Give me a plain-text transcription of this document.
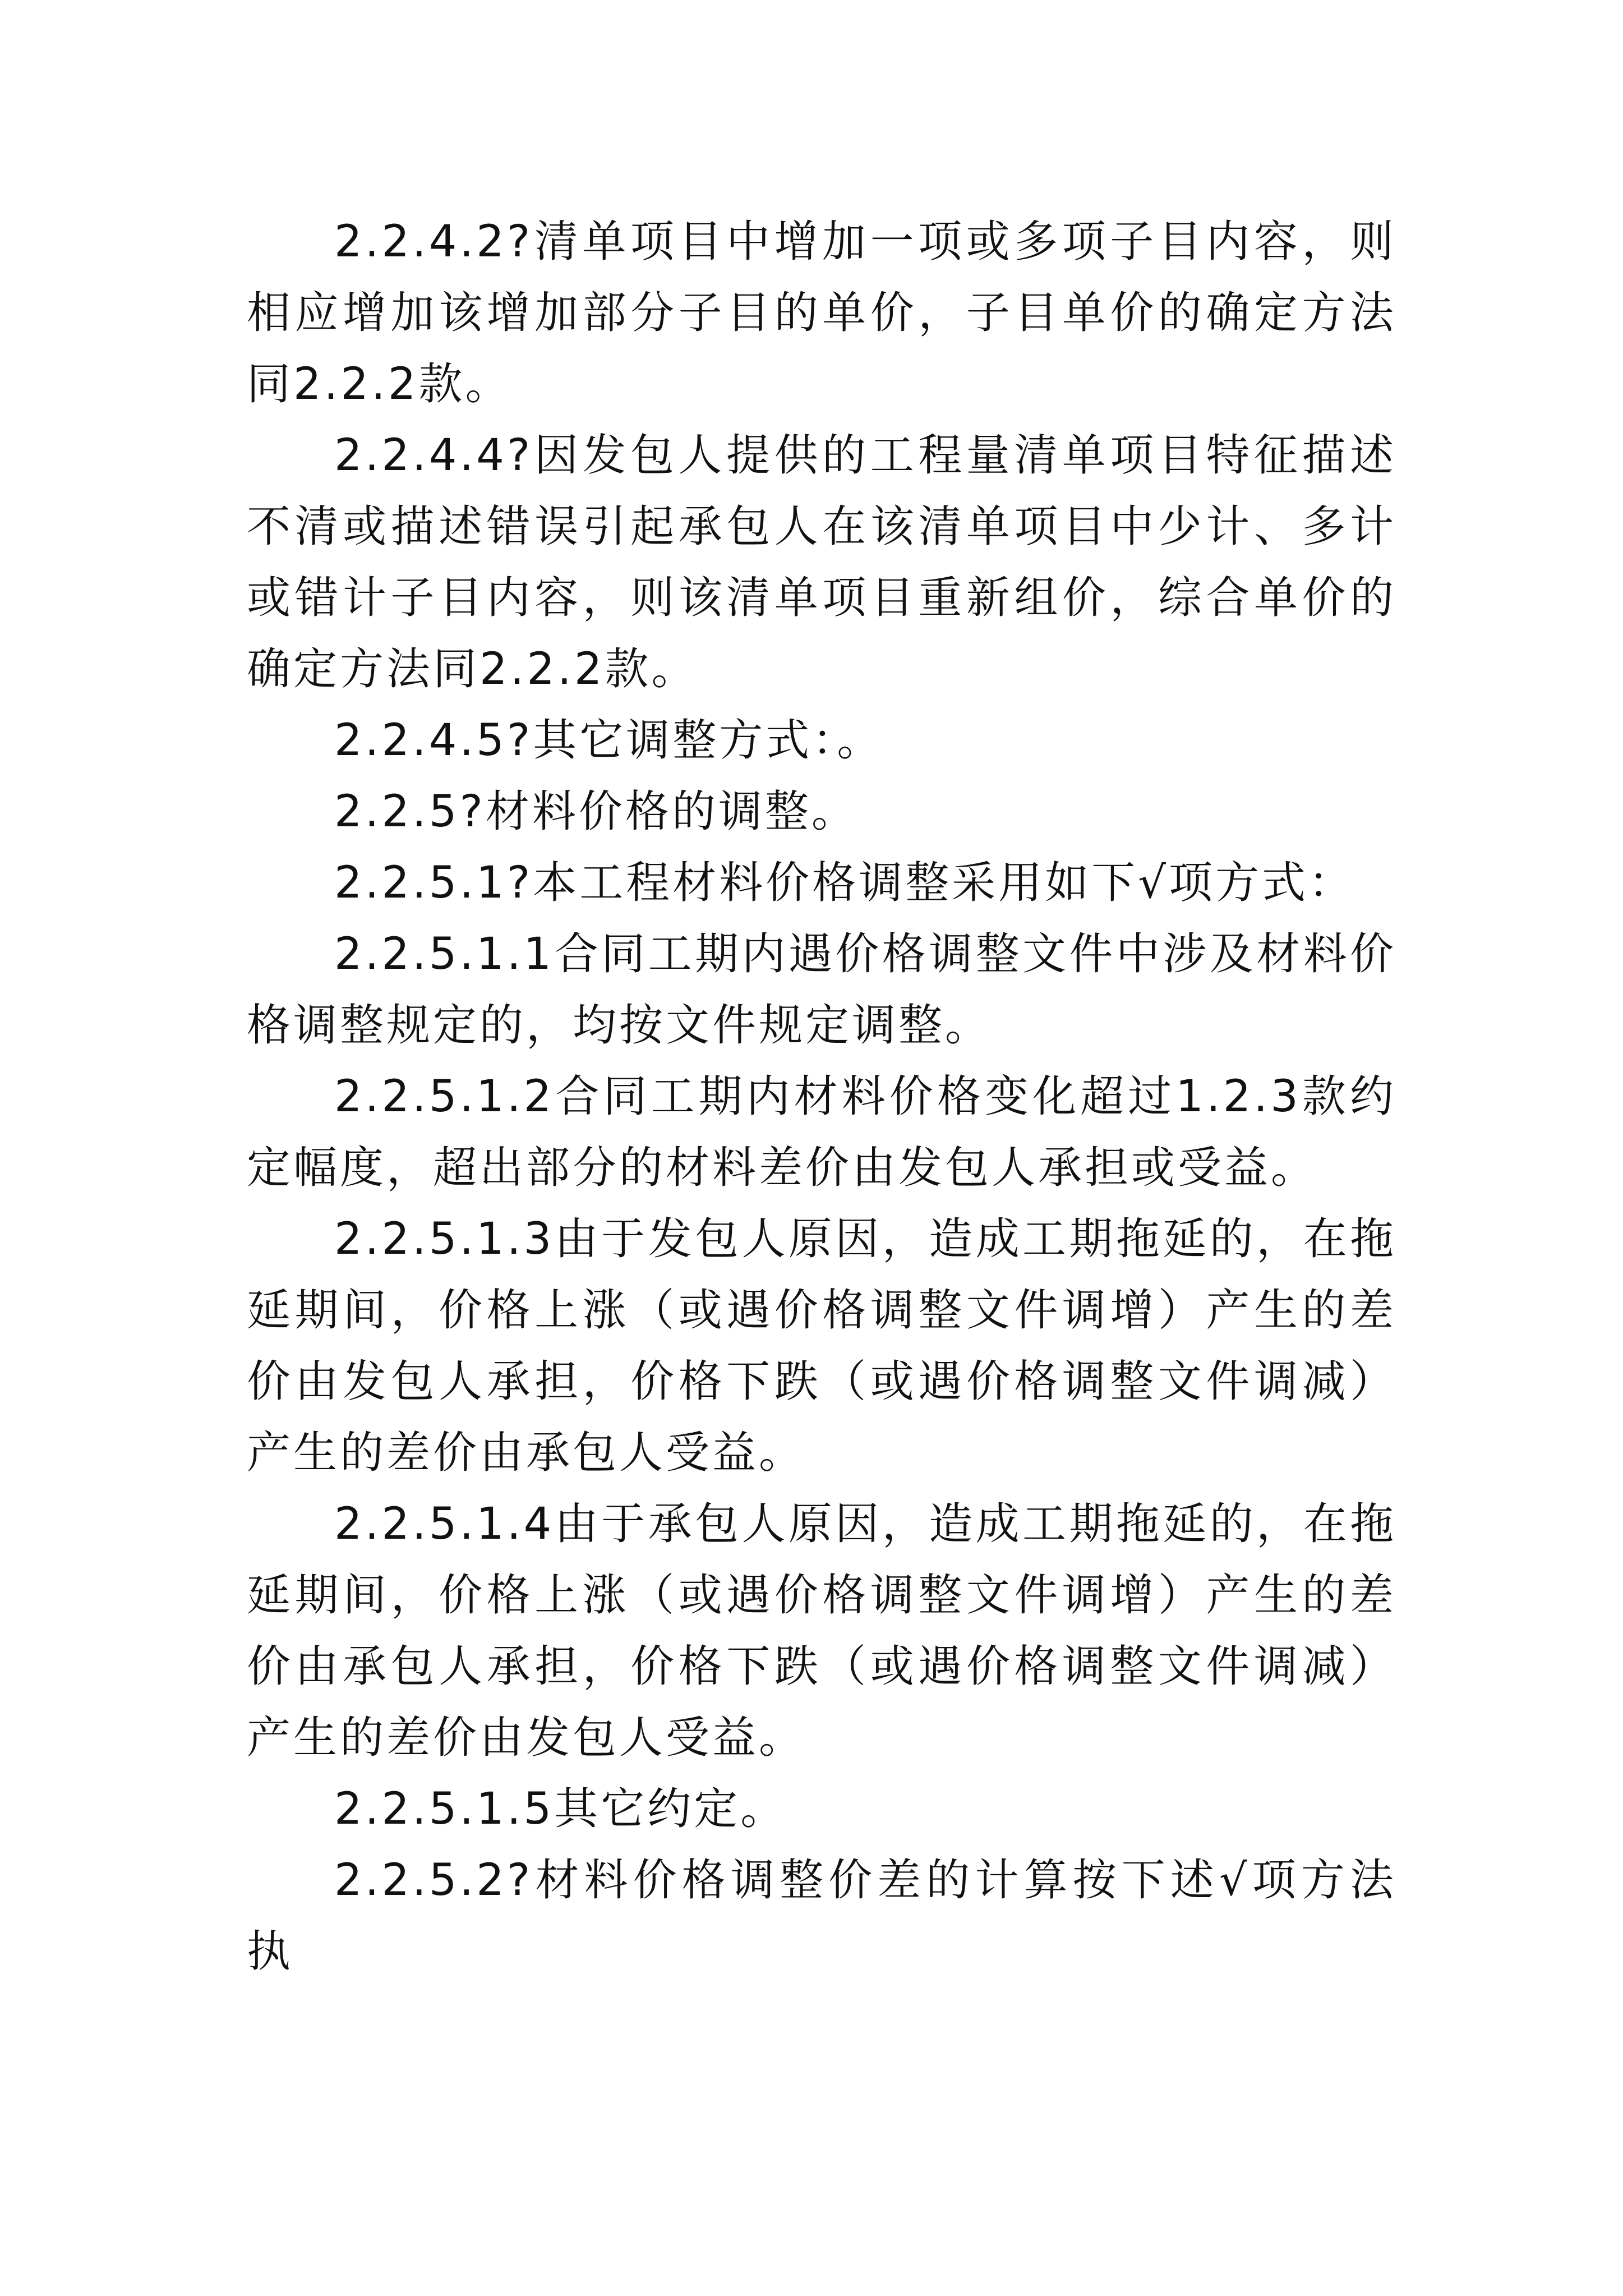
2.2.4.2?清单项目中增加一项或多项子目内容，则相应增加该增加部分子目的单价，子目单价的确定方法同2.2.2款。

2.2.4.4?因发包人提供的工程量清单项目特征描述不清或描述错误引起承包人在该清单项目中少计、多计或错计子目内容，则该清单项目重新组价，综合单价的确定方法同2.2.2款。

2.2.4.5?其它调整方式：。

2.2.5?材料价格的调整。

2.2.5.1?本工程材料价格调整采用如下√项方式：

2.2.5.1.1合同工期内遇价格调整文件中涉及材料价格调整规定的，均按文件规定调整。

2.2.5.1.2合同工期内材料价格变化超过1.2.3款约定幅度，超出部分的材料差价由发包人承担或受益。

2.2.5.1.3由于发包人原因，造成工期拖延的，在拖延期间，价格上涨（或遇价格调整文件调增）产生的差价由发包人承担，价格下跌（或遇价格调整文件调减）产生的差价由承包人受益。

2.2.5.1.4由于承包人原因，造成工期拖延的，在拖延期间，价格上涨（或遇价格调整文件调增）产生的差价由承包人承担，价格下跌（或遇价格调整文件调减）产生的差价由发包人受益。

2.2.5.1.5其它约定。

2.2.5.2?材料价格调整价差的计算按下述√项方法执
